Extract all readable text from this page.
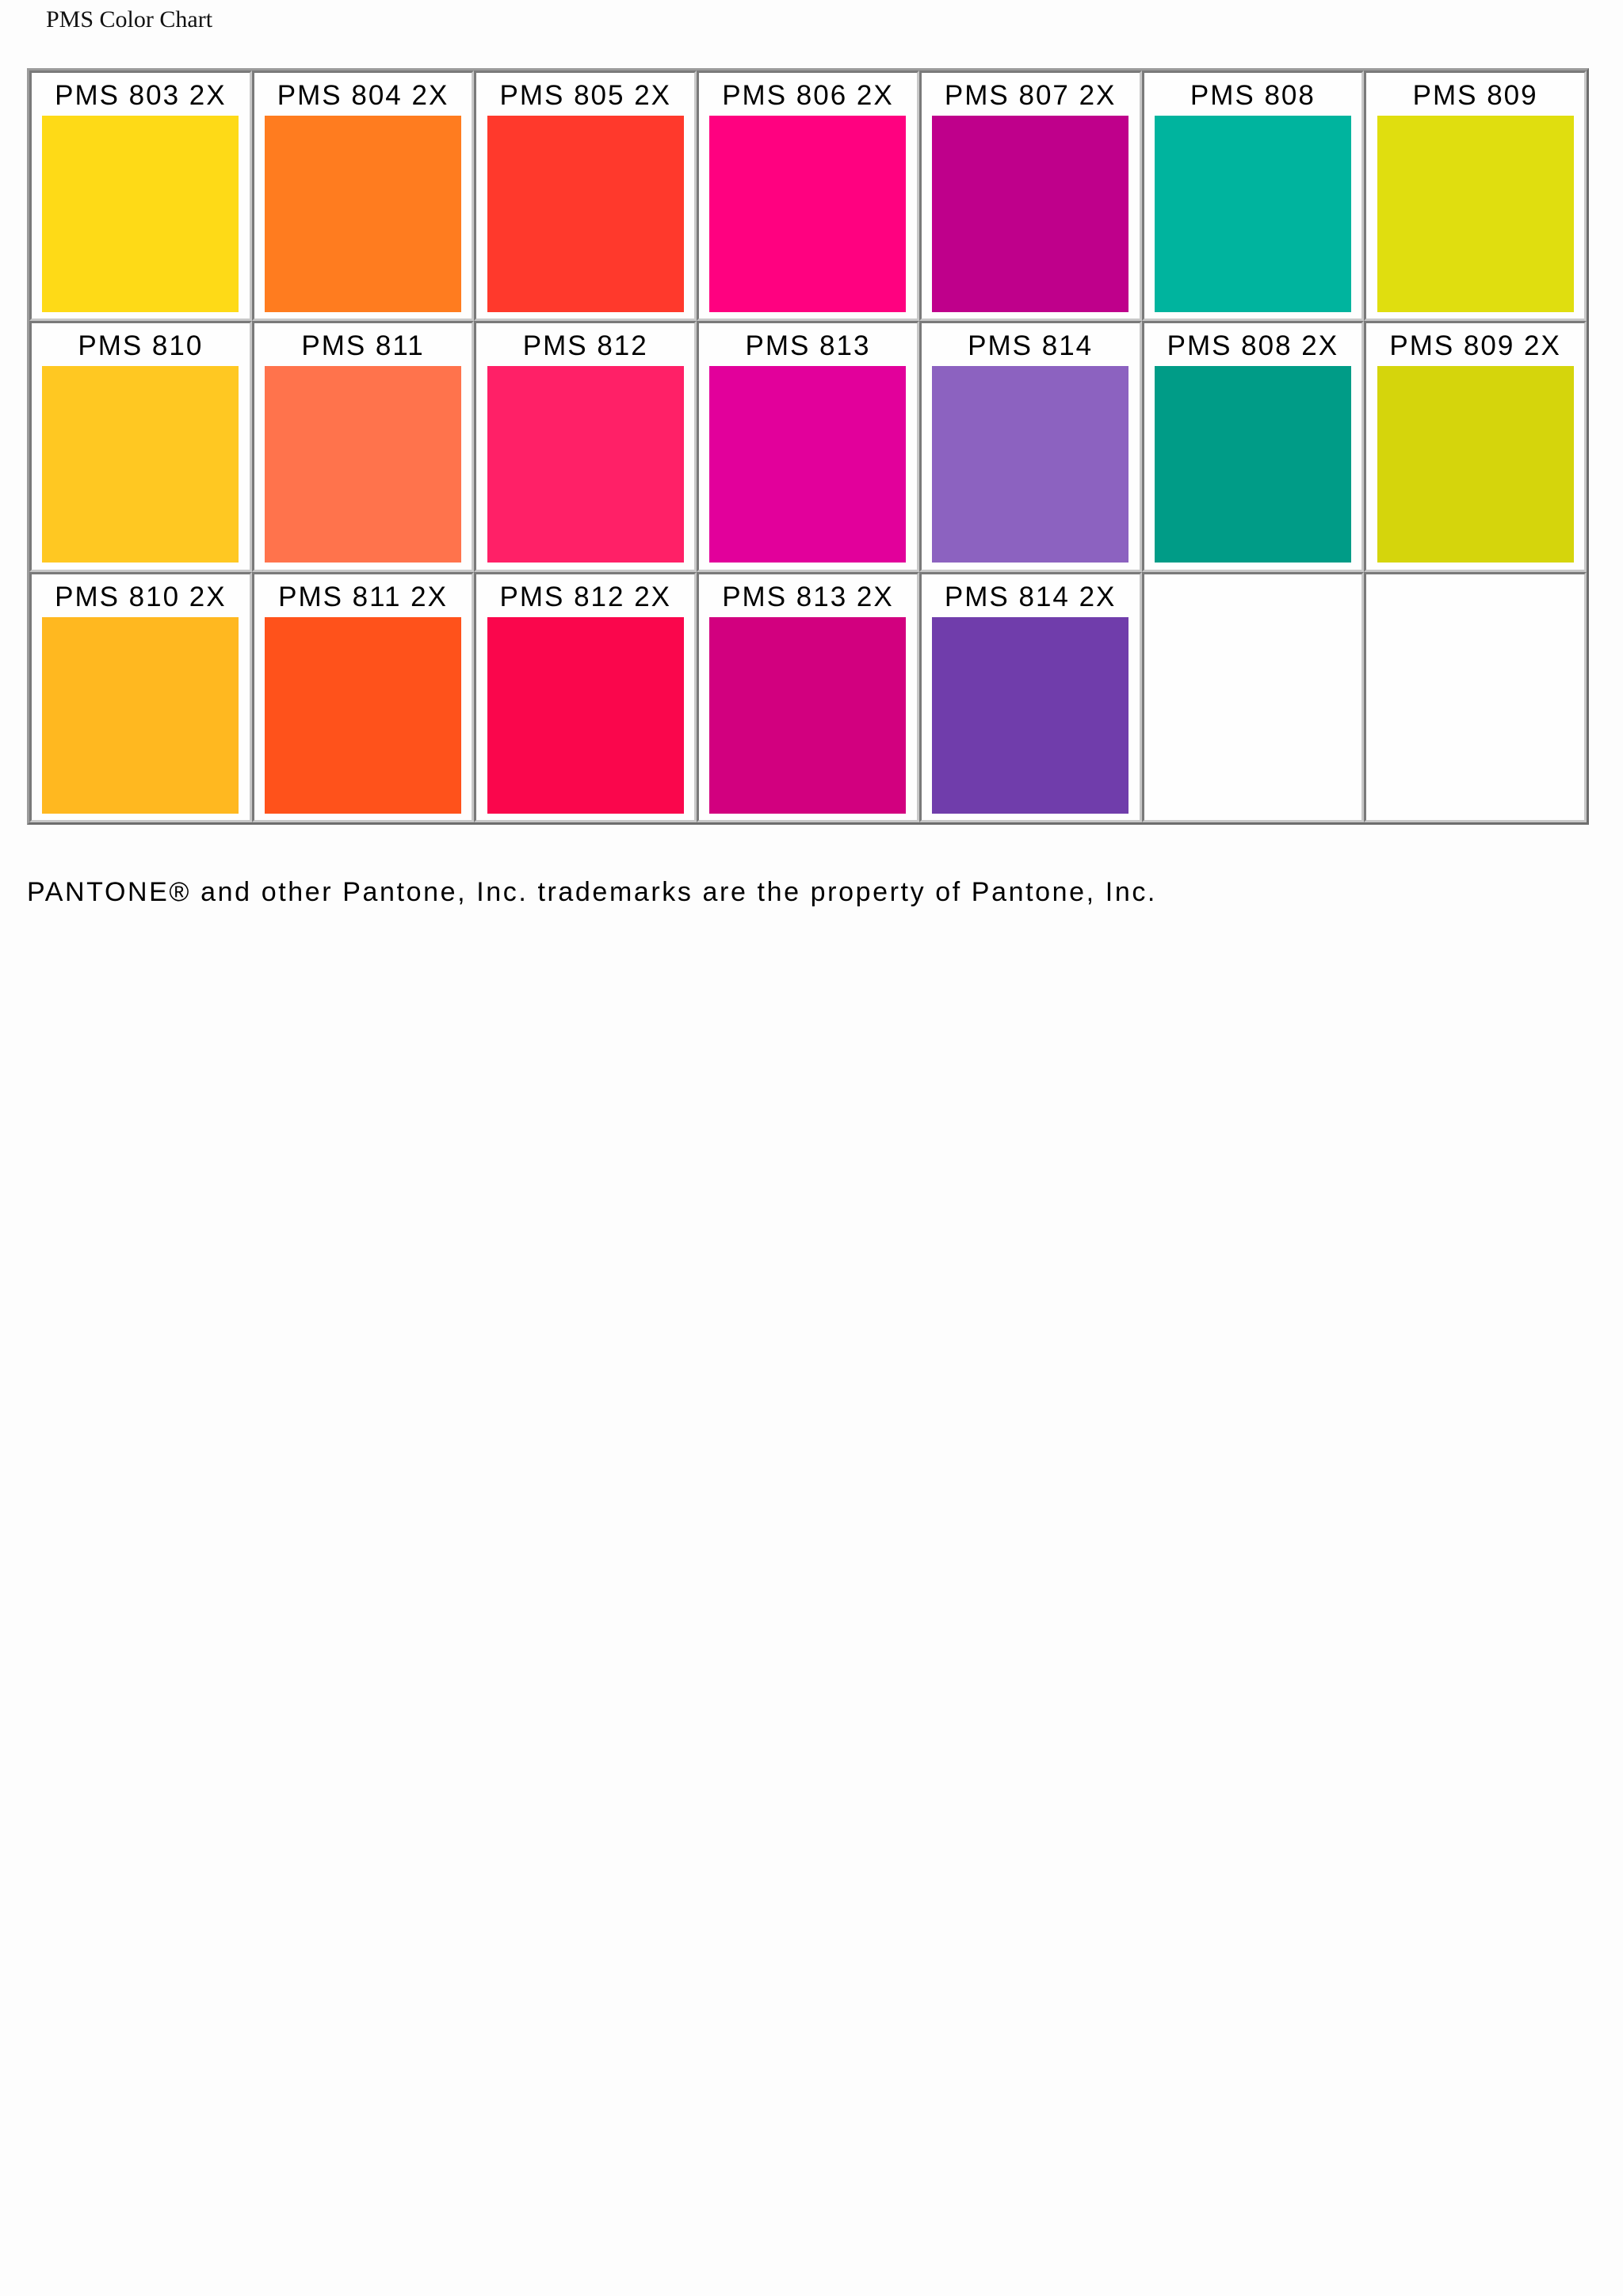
PMS Color Chart
PMS 803 2X	PMS 804 2X	PMS 805 2X	PMS 806 2X	PMS 807 2X	PMS 808	PMS 809

PMS 810	PMS 811	PMS 812	PMS 813	PMS 814	PMS 808 2X	PMS 809 2X

PMS 810 2X	PMS 811 2X	PMS 812 2X	PMS 813 2X	PMS 814 2X		

PANTONE® and other Pantone, Inc. trademarks are the property of Pantone, Inc.
